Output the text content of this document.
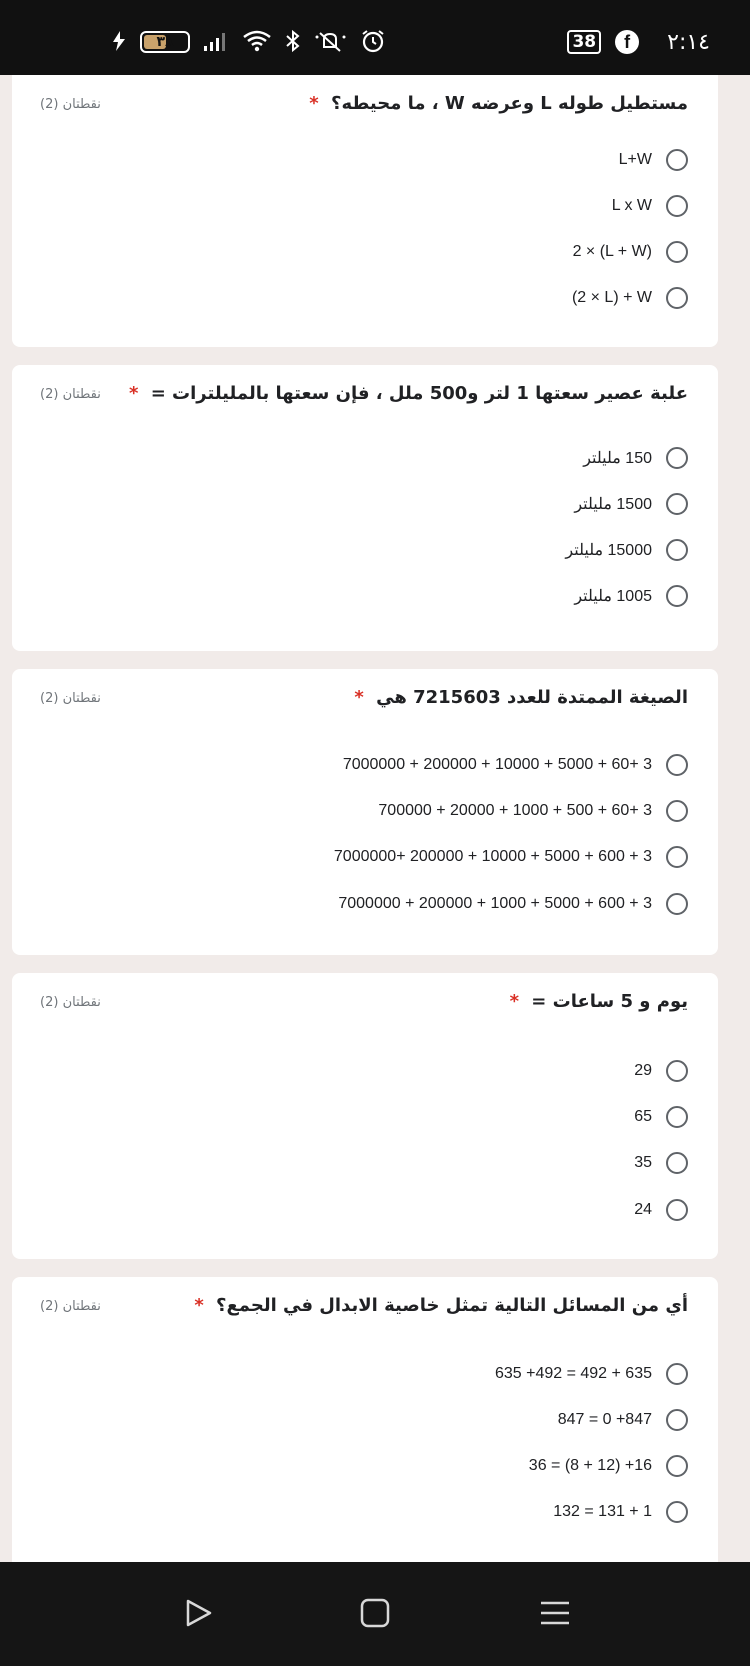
٣٨	38	f	٢:١٤
مستطيل طوله L وعرضه W ، ما محيطه؟ *
نقطتان (2)
L+W
L x W
2 × (L + W)
(2 × L) + W
علبة عصير سعتها 1 لتر و500 ملل ، فإن سعتها بالمليلترات = *
نقطتان (2)
150 مليلتر
1500 مليلتر
15000 مليلتر
1005 مليلتر
الصيغة الممتدة للعدد 7215603 هي *
نقطتان (2)
7000000 + 200000 + 10000 + 5000 + 60+ 3
700000 + 20000 + 1000 + 500 + 60+ 3
7000000+ 200000 + 10000 + 5000 + 600 + 3
7000000 + 200000 + 1000 + 5000 + 600 + 3
يوم و 5 ساعات = *
نقطتان (2)
29
65
35
24
أي من المسائل التالية تمثل خاصية الابدال في الجمع؟ *
نقطتان (2)
635 +492 = 492 + 635
847 = 0 +847
36 = (8 + 12) +16
132 = 131 + 1
